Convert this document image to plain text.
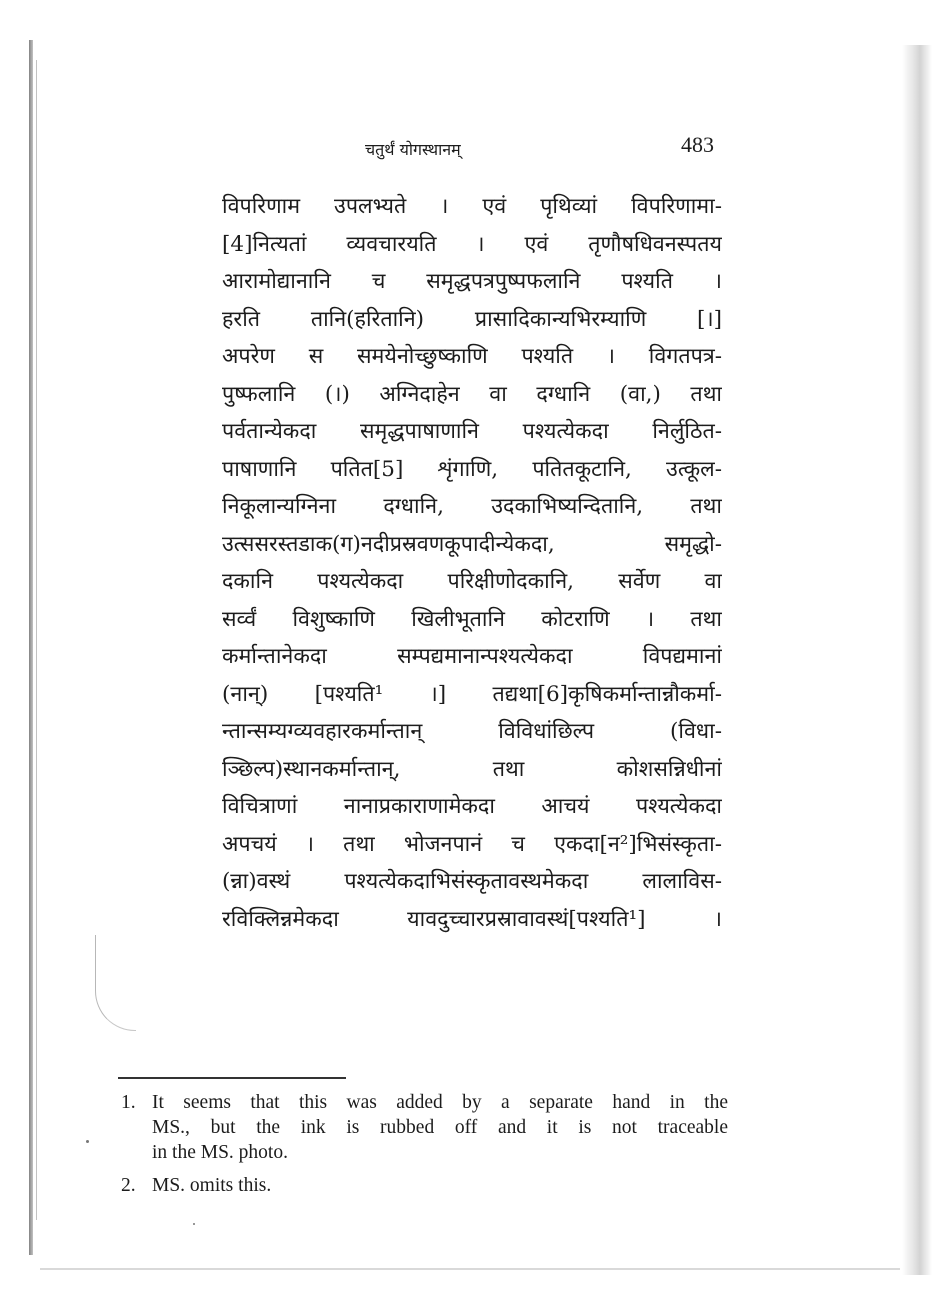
चतुर्थं योगस्थानम्	483
विपरिणाम उपलभ्यते । एवं पृथिव्यां विपरिणामा-
[4]नित्यतां व्यवचारयति । एवं तृणौषधिवनस्पतय
आरामोद्यानानि च समृद्धपत्रपुष्पफलानि पश्यति ।
हरति तानि(हरितानि) प्रासादिकान्यभिरम्याणि [।]
अपरेण स समयेनोच्छुष्काणि पश्यति । विगतपत्र-
पुष्फलानि (।) अग्निदाहेन वा दग्धानि (वा,) तथा
पर्वतान्येकदा समृद्धपाषाणानि पश्यत्येकदा निर्लुठित-
पाषाणानि पतित[5] शृंगाणि, पतितकूटानि, उत्कूल-
निकूलान्यग्निना दग्धानि, उदकाभिष्यन्दितानि, तथा
उत्ससरस्तडाक(ग)नदीप्रस्रवणकूपादीन्येकदा, समृद्धो-
दकानि पश्यत्येकदा परिक्षीणोदकानि, सर्वेण वा
सर्व्वं विशुष्काणि खिलीभूतानि कोटराणि । तथा
कर्मान्तानेकदा सम्पद्यमानान्पश्यत्येकदा विपद्यमानां
(नान्) [पश्यति¹ ।] तद्यथा[6]कृषिकर्मान्तान्नौकर्मा-
न्तान्सम्यग्व्यवहारकर्मान्तान् विविधांछिल्प (विधा-
ञ्छिल्प)स्थानकर्मान्तान्, तथा कोशसन्निधीनां
विचित्राणां नानाप्रकाराणामेकदा आचयं पश्यत्येकदा
अपचयं । तथा भोजनपानं च एकदा[न²]भिसंस्कृता-
(न्ना)वस्थं पश्यत्येकदाभिसंस्कृतावस्थमेकदा लालाविस-
रविक्लिन्नमेकदा यावदुच्चारप्रस्रावावस्थं[पश्यति¹] ।
1. It seems that this was added by a separate hand in the
MS., but the ink is rubbed off and it is not traceable
in the MS. photo.
2. MS. omits this.
